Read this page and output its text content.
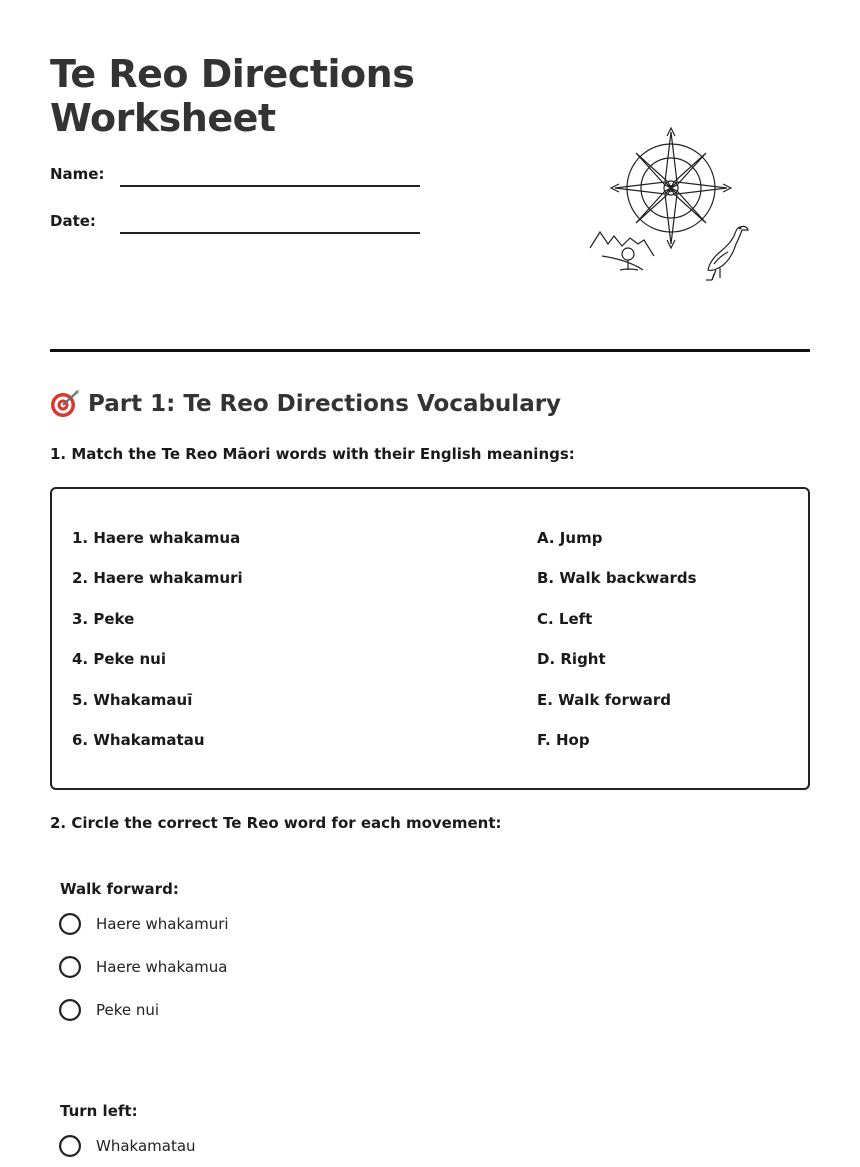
Te Reo Directions Worksheet
Name:
Date:
1
Part 1: Te Reo Directions Vocabulary
1. Match the Te Reo Māori words with their English meanings:
1. Haere whakamua
2. Haere whakamuri
3. Peke
4. Peke nui
5. Whakamauī
6. Whakamatau
A. Jump
B. Walk backwards
C. Left
D. Right
E. Walk forward
F. Hop
2. Circle the correct Te Reo word for each movement:
Walk forward:
Haere whakamuri
Haere whakamua
Peke nui
Turn left:
Whakamatau
